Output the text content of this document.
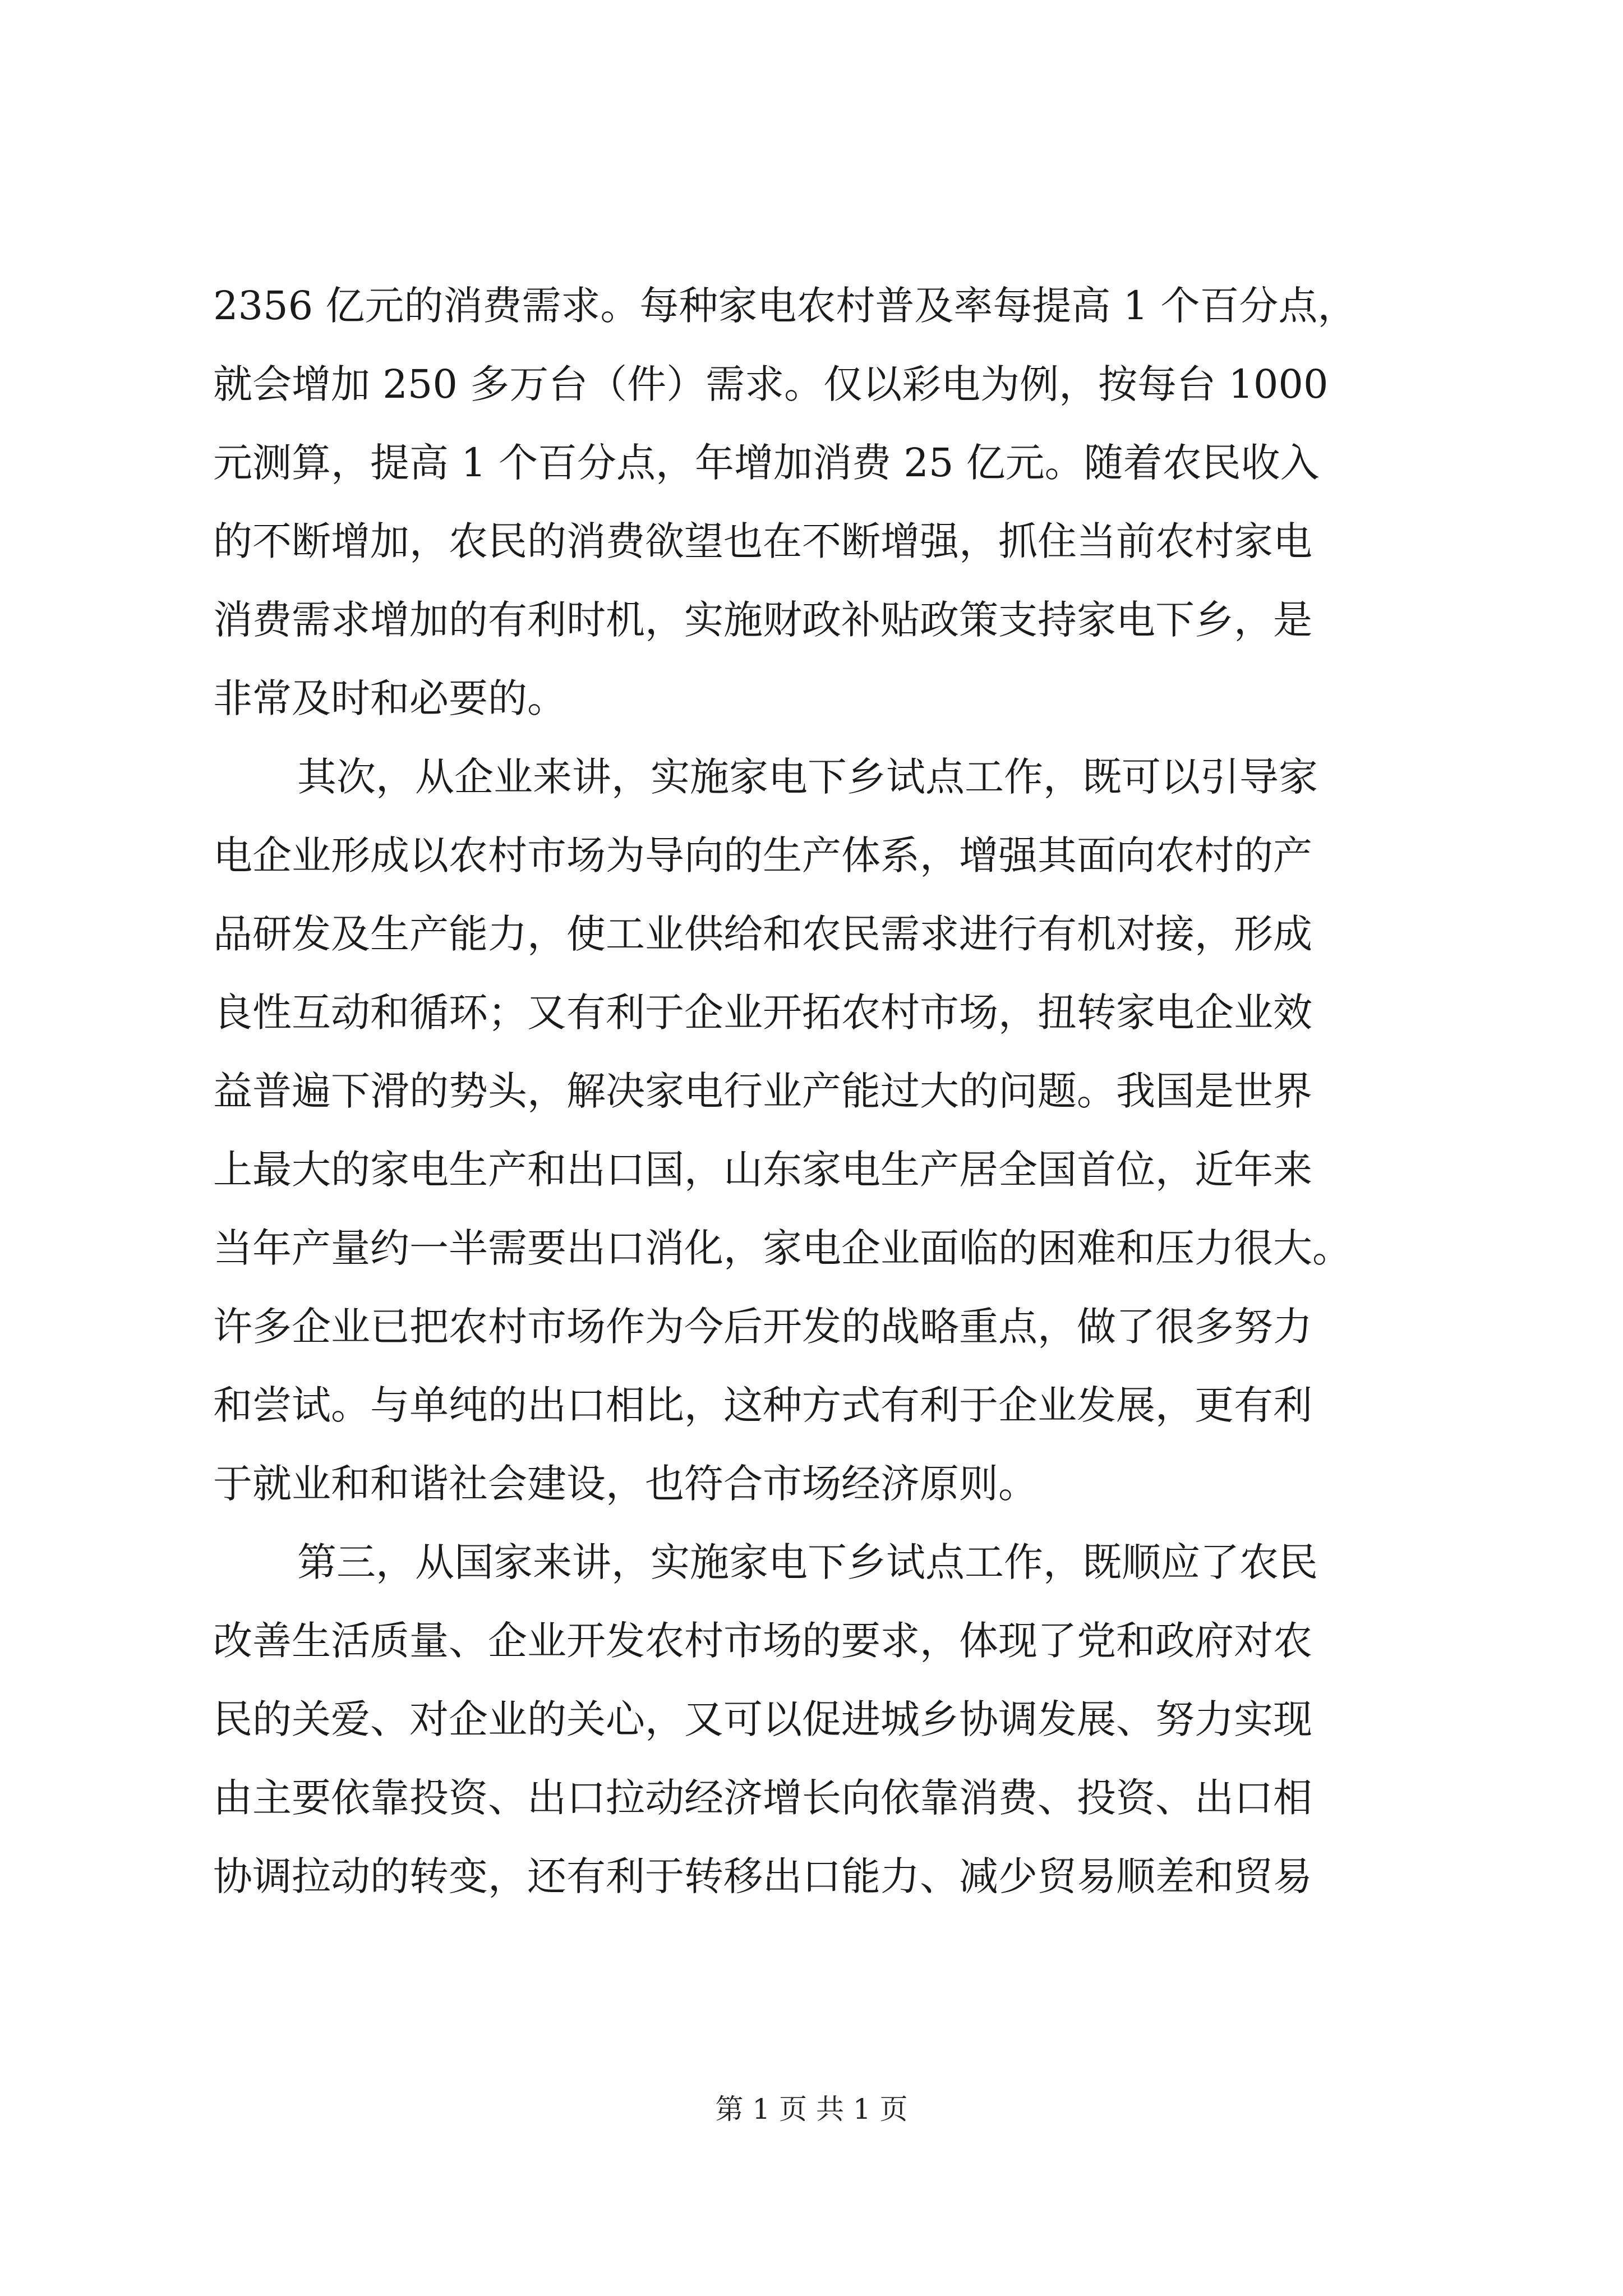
2356 亿元的消费需求。每种家电农村普及率每提高 1 个百分点，
就会增加 250 多万台（件）需求。仅以彩电为例，按每台 1000
元测算，提高 1 个百分点，年增加消费 25 亿元。随着农民收入
的不断增加，农民的消费欲望也在不断增强，抓住当前农村家电
消费需求增加的有利时机，实施财政补贴政策支持家电下乡，是
非常及时和必要的。
其次，从企业来讲，实施家电下乡试点工作，既可以引导家
电企业形成以农村市场为导向的生产体系，增强其面向农村的产
品研发及生产能力，使工业供给和农民需求进行有机对接，形成
良性互动和循环；又有利于企业开拓农村市场，扭转家电企业效
益普遍下滑的势头，解决家电行业产能过大的问题。我国是世界
上最大的家电生产和出口国，山东家电生产居全国首位，近年来
当年产量约一半需要出口消化，家电企业面临的困难和压力很大。
许多企业已把农村市场作为今后开发的战略重点，做了很多努力
和尝试。与单纯的出口相比，这种方式有利于企业发展，更有利
于就业和和谐社会建设，也符合市场经济原则。
第三，从国家来讲，实施家电下乡试点工作，既顺应了农民
改善生活质量、企业开发农村市场的要求，体现了党和政府对农
民的关爱、对企业的关心，又可以促进城乡协调发展、努力实现
由主要依靠投资、出口拉动经济增长向依靠消费、投资、出口相
协调拉动的转变，还有利于转移出口能力、减少贸易顺差和贸易
第 1 页 共 1 页
